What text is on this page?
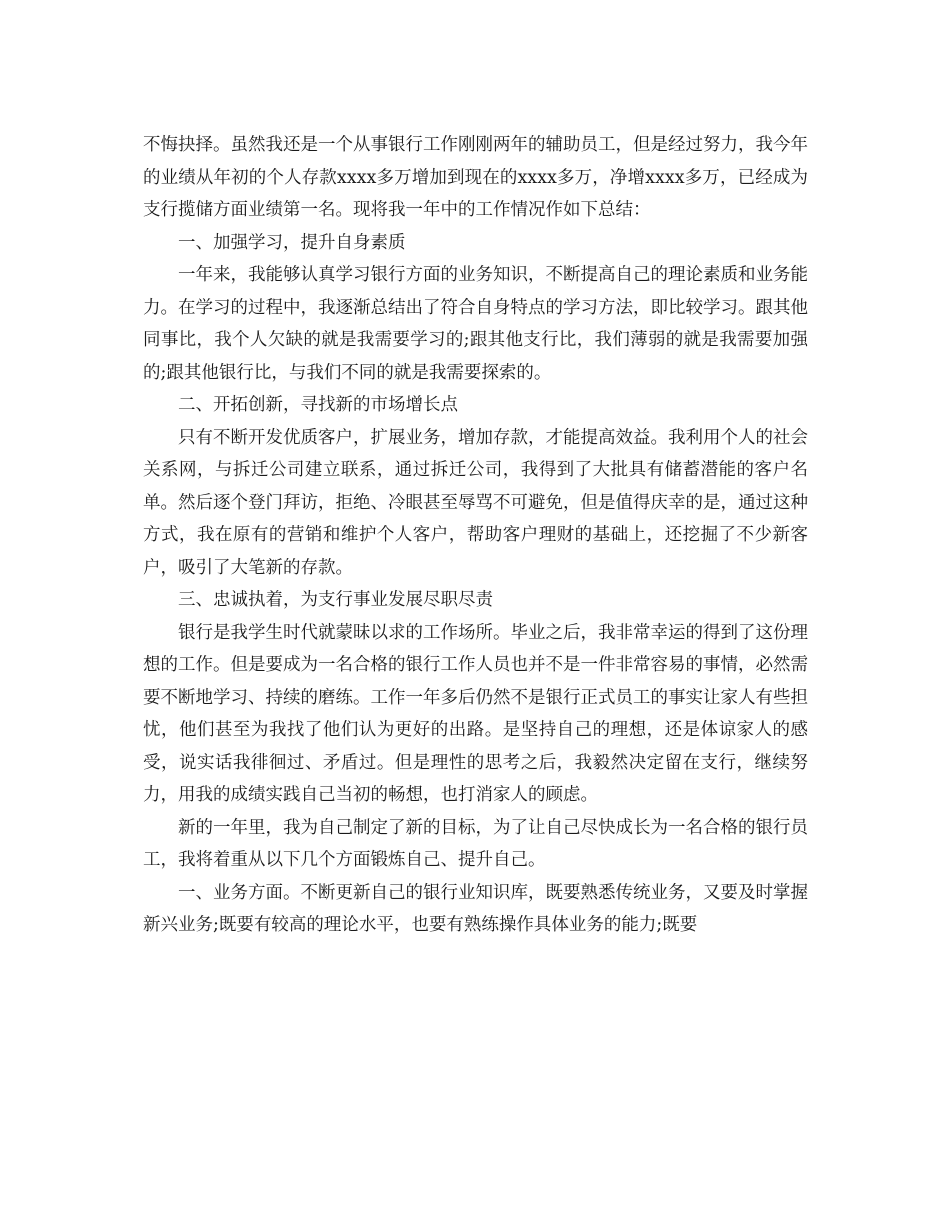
不悔抉择。虽然我还是一个从事银行工作刚刚两年的辅助员工，但是经过努力，我今年的业绩从年初的个人存款xxxx多万增加到现在的xxxx多万，净增xxxx多万，已经成为支行揽储方面业绩第一名。现将我一年中的工作情况作如下总结：

一、加强学习，提升自身素质

一年来，我能够认真学习银行方面的业务知识，不断提高自己的理论素质和业务能力。在学习的过程中，我逐渐总结出了符合自身特点的学习方法，即比较学习。跟其他同事比，我个人欠缺的就是我需要学习的;跟其他支行比，我们薄弱的就是我需要加强的;跟其他银行比，与我们不同的就是我需要探索的。

二、开拓创新，寻找新的市场增长点

只有不断开发优质客户，扩展业务，增加存款，才能提高效益。我利用个人的社会关系网，与拆迁公司建立联系，通过拆迁公司，我得到了大批具有储蓄潜能的客户名单。然后逐个登门拜访，拒绝、冷眼甚至辱骂不可避免，但是值得庆幸的是，通过这种方式，我在原有的营销和维护个人客户，帮助客户理财的基础上，还挖掘了不少新客户，吸引了大笔新的存款。

三、忠诚执着，为支行事业发展尽职尽责

银行是我学生时代就蒙昧以求的工作场所。毕业之后，我非常幸运的得到了这份理想的工作。但是要成为一名合格的银行工作人员也并不是一件非常容易的事情，必然需要不断地学习、持续的磨练。工作一年多后仍然不是银行正式员工的事实让家人有些担忧，他们甚至为我找了他们认为更好的出路。是坚持自己的理想，还是体谅家人的感受，说实话我徘徊过、矛盾过。但是理性的思考之后，我毅然决定留在支行，继续努力，用我的成绩实践自己当初的畅想，也打消家人的顾虑。

新的一年里，我为自己制定了新的目标，为了让自己尽快成长为一名合格的银行员工，我将着重从以下几个方面锻炼自己、提升自己。

一、业务方面。不断更新自己的银行业知识库，既要熟悉传统业务，又要及时掌握新兴业务;既要有较高的理论水平，也要有熟练操作具体业务的能力;既要
